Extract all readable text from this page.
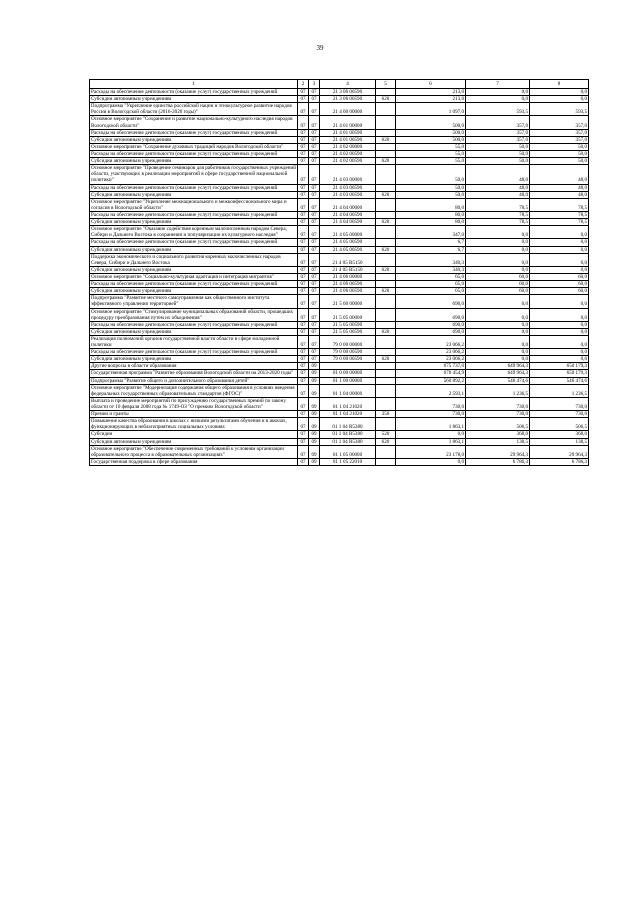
39
1	2	3	4	5	6	7	8
Расходы на обеспечение деятельности (оказание услуг) государственных учреждений	07	07	21 3 06 00590		213,0	0,0	0,0
Субсидии автономным учреждениям	07	07	21 3 06 00590	620	213,0	0,0	0,0
Подпрограмма "Укрепление единства российской нации и этнокультурное развитие народов России в Вологодской области (2016-2020 годы)"	07	07	21 4 00 00000		1 097,0	593,5	593,5
Основное мероприятие "Сохранение и развитие национально-культурного наследия народов Вологодской области"	07	07	21 4 01 00000		500,0	357,0	357,0
Расходы на обеспечение деятельности (оказание услуг) государственных учреждений	07	07	21 4 01 00590		500,0	357,0	357,0
Субсидии автономным учреждениям	07	07	21 4 01 00590	620	500,0	357,0	357,0
Основное мероприятие "Сохранение духовных традиций народов Вологодской области"	07	07	21 4 02 00000		55,0	50,0	50,0
Расходы на обеспечение деятельности (оказание услуг) государственных учреждений	07	07	21 4 02 00590		55,0	50,0	50,0
Субсидии автономным учреждениям	07	07	21 4 02 00590	620	55,0	50,0	50,0
Основное мероприятие "Проведение семинаров для работников государственных учреждений области, участвующих в реализации мероприятий в сфере государственной национальной политики"	07	07	21 4 03 00000		50,0	48,0	48,0
Расходы на обеспечение деятельности (оказание услуг) государственных учреждений	07	07	21 4 03 00590		50,0	48,0	48,0
Субсидии автономным учреждениям	07	07	21 4 03 00590	620	50,0	48,0	48,0
Основное мероприятие "Укрепление межнационального и межконфессионального мира и согласия в Вологодской области"	07	07	21 4 04 00000		80,0	78,5	78,5
Расходы на обеспечение деятельности (оказание услуг) государственных учреждений	07	07	21 4 04 00590		80,0	78,5	78,5
Субсидии автономным учреждениям	07	07	21 4 04 00590	620	80,0	78,5	78,5
Основное мероприятие "Оказание содействия коренным малочисленным народам Севера, Сибири и Дальнего Востока в сохранении и популяризации их культурного наследия"	07	07	21 4 05 00000		347,0	0,0	0,0
Расходы на обеспечение деятельности (оказание услуг) государственных учреждений	07	07	21 4 05 00590		6,7	0,0	0,0
Субсидии автономным учреждениям	07	07	21 4 05 00590	620	6,7	0,0	0,0
Поддержка экономического и социального развития коренных малочисленных народов Севера, Сибири и Дальнего Востока	07	07	21 4 05 R5150		340,3	0,0	0,0
Субсидии автономным учреждениям	07	07	21 4 05 R5150	620	340,3	0,0	0,0
Основное мероприятие "Социально-культурная адаптация и интеграция мигрантов"	07	07	21 4 06 00000		65,0	60,0	60,0
Расходы на обеспечение деятельности (оказание услуг) государственных учреждений	07	07	21 4 06 00590		65,0	60,0	60,0
Субсидии автономным учреждениям	07	07	21 4 06 00590	620	65,0	60,0	60,0
Подпрограмма "Развитие местного самоуправления как общественного института эффективного управления территорией"	07	07	21 5 00 00000		690,0	0,0	0,0
Основное мероприятие "Стимулирование муниципальных образований области, прошедших процедуру преобразования путем их объединения"	07	07	21 5 05 00000		690,0	0,0	0,0
Расходы на обеспечение деятельности (оказание услуг) государственных учреждений	07	07	21 5 05 00590		690,0	0,0	0,0
Субсидии автономным учреждениям	07	07	21 5 05 00590	620	690,0	0,0	0,0
Реализация полномочий органов государственной власти области в сфере молодежной политики	07	07	79 0 00 00000		23 066,2	0,0	0,0
Расходы на обеспечение деятельности (оказание услуг) государственных учреждений	07	07	79 0 00 00590		23 066,2	0,0	0,0
Субсидии автономным учреждениям	07	07	79 0 00 00590	620	23 066,2	0,0	0,0
Другие вопросы в области образования	07	09			675 737,0	649 964,3	650 179,3
Государственная программа "Развитие образования Вологодской области на 2013-2020 годы"	07	09	01 0 00 00000		670 454,9	649 964,3	650 179,3
Подпрограмма "Развитие общего и дополнительного образования детей"	07	09	01 1 00 00000		560 892,2	546 474,6	546 474,6
Основное мероприятие "Модернизация содержания общего образования в условиях введения федеральных государственных образовательных стандартов (ФГОС)"	07	09	01 1 04 00000		2 593,1	1 236,5	1 236,5
Выплата и проведение мероприятий по присуждению государственных премий по закону области от 10 февраля 2008 года № 1749-ОЗ "О премиях Вологодской области"	07	09	01 1 04 21020		730,0	730,0	730,0
Премии и гранты	07	09	01 1 04 21020	350	730,0	730,0	730,0
Повышение качества образования в школах с низкими результатами обучения и в школах, функционирующих в неблагоприятных социальных условиях	07	09	01 1 04 R5380		1 863,1	506,5	506,5
Субсидии	07	09	01 1 04 R5380	520	0,0	368,0	368,0
Субсидии автономным учреждениям	07	09	01 1 04 R5380	620	1 863,1	138,5	138,5
Основное мероприятие "Обеспечение современных требований к условиям организации образовательного процесса в образовательных организациях"	07	09	01 1 05 00000		23 178,0	29 964,3	29 964,3
Государственная поддержка в сфере образования	07	09	01 1 05 22010		0,0	6 786,3	6 786,3
